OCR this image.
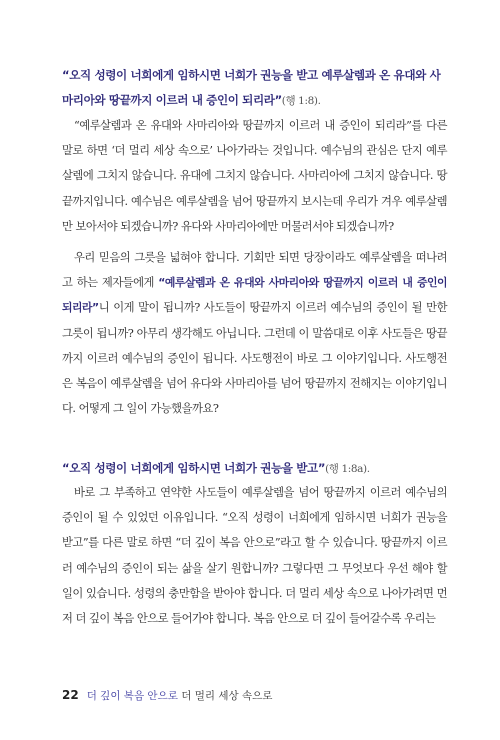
“오직 성령이 너희에게 임하시면 너희가 권능을 받고 예루살렘과 온 유대와 사마리아와 땅끝까지 이르러 내 증인이 되리라”(행 1:8).

“예루살렘과 온 유대와 사마리아와 땅끝까지 이르러 내 증인이 되리라”를 다른 말로 하면 ‘더 멀리 세상 속으로’ 나아가라는 것입니다. 예수님의 관심은 단지 예루살렘에 그치지 않습니다. 유대에 그치지 않습니다. 사마리아에 그치지 않습니다. 땅끝까지입니다. 예수님은 예루살렘을 넘어 땅끝까지 보시는데 우리가 겨우 예루살렘만 보아서야 되겠습니까? 유다와 사마리아에만 머물러서야 되겠습니까?

우리 믿음의 그릇을 넓혀야 합니다. 기회만 되면 당장이라도 예루살렘을 떠나려고 하는 제자들에게 “예루살렘과 온 유대와 사마리아와 땅끝까지 이르러 내 증인이 되리라”니 이게 말이 됩니까? 사도들이 땅끝까지 이르러 예수님의 증인이 될 만한 그릇이 됩니까? 아무리 생각해도 아닙니다. 그런데 이 말씀대로 이후 사도들은 땅끝까지 이르러 예수님의 증인이 됩니다. 사도행전이 바로 그 이야기입니다. 사도행전은 복음이 예루살렘을 넘어 유다와 사마리아를 넘어 땅끝까지 전해지는 이야기입니다. 어떻게 그 일이 가능했을까요?

“오직 성령이 너희에게 임하시면 너희가 권능을 받고”(행 1:8a).

바로 그 부족하고 연약한 사도들이 예루살렘을 넘어 땅끝까지 이르러 예수님의 증인이 될 수 있었던 이유입니다. “오직 성령이 너희에게 임하시면 너희가 권능을 받고”를 다른 말로 하면 “더 깊이 복음 안으로”라고 할 수 있습니다. 땅끝까지 이르러 예수님의 증인이 되는 삶을 살기 원합니까? 그렇다면 그 무엇보다 우선 해야 할 일이 있습니다. 성령의 충만함을 받아야 합니다. 더 멀리 세상 속으로 나아가려면 먼저 더 깊이 복음 안으로 들어가야 합니다. 복음 안으로 더 깊이 들어갈수록 우리는

22 더 깊이 복음 안으로 더 멀리 세상 속으로
